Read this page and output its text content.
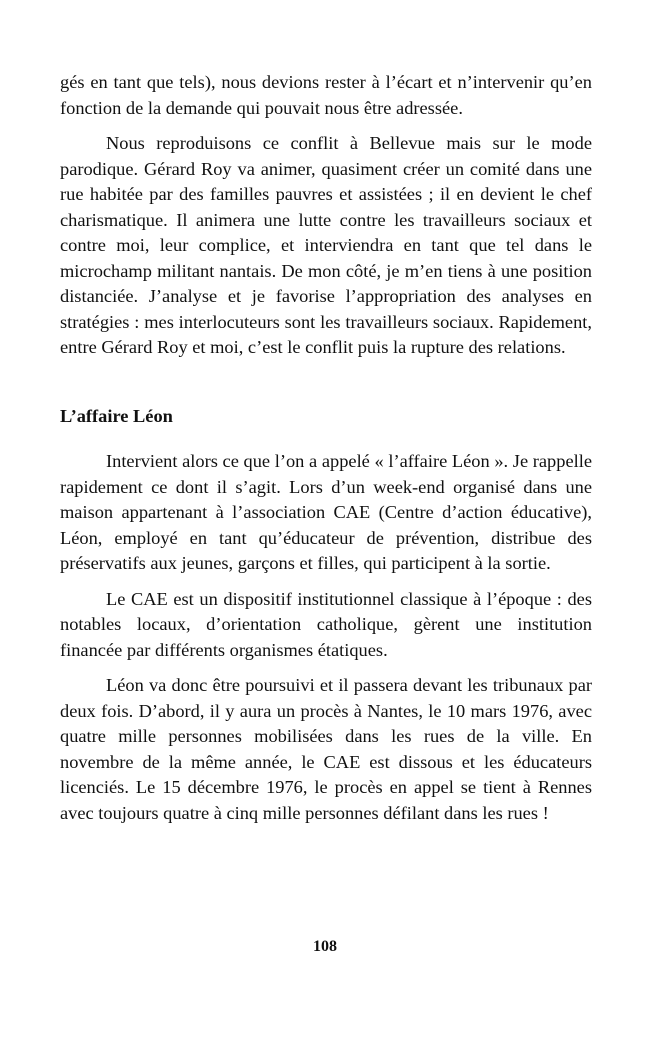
gés en tant que tels), nous devions rester à l’écart et n’intervenir qu’en fonction de la demande qui pouvait nous être adressée.

Nous reproduisons ce conflit à Bellevue mais sur le mode parodique. Gérard Roy va animer, quasiment créer un comité dans une rue habitée par des familles pauvres et assistées ; il en devient le chef charismatique. Il animera une lutte contre les travailleurs sociaux et contre moi, leur complice, et interviendra en tant que tel dans le microchamp militant nantais. De mon côté, je m’en tiens à une position distanciée. J’analyse et je favorise l’appropriation des analyses en stratégies : mes interlocuteurs sont les travailleurs sociaux. Rapidement, entre Gérard Roy et moi, c’est le conflit puis la rupture des relations.

L’affaire Léon

Intervient alors ce que l’on a appelé « l’affaire Léon ». Je rappelle rapidement ce dont il s’agit. Lors d’un week-end organisé dans une maison appartenant à l’association CAE (Centre d’action éducative), Léon, employé en tant qu’éducateur de prévention, distribue des préservatifs aux jeunes, garçons et filles, qui participent à la sortie.

Le CAE est un dispositif institutionnel classique à l’époque : des notables locaux, d’orientation catholique, gèrent une institution financée par différents organismes étatiques.

Léon va donc être poursuivi et il passera devant les tribunaux par deux fois. D’abord, il y aura un procès à Nantes, le 10 mars 1976, avec quatre mille personnes mobilisées dans les rues de la ville. En novembre de la même année, le CAE est dissous et les éducateurs licenciés. Le 15 décembre 1976, le procès en appel se tient à Rennes avec toujours quatre à cinq mille personnes défilant dans les rues !

108
